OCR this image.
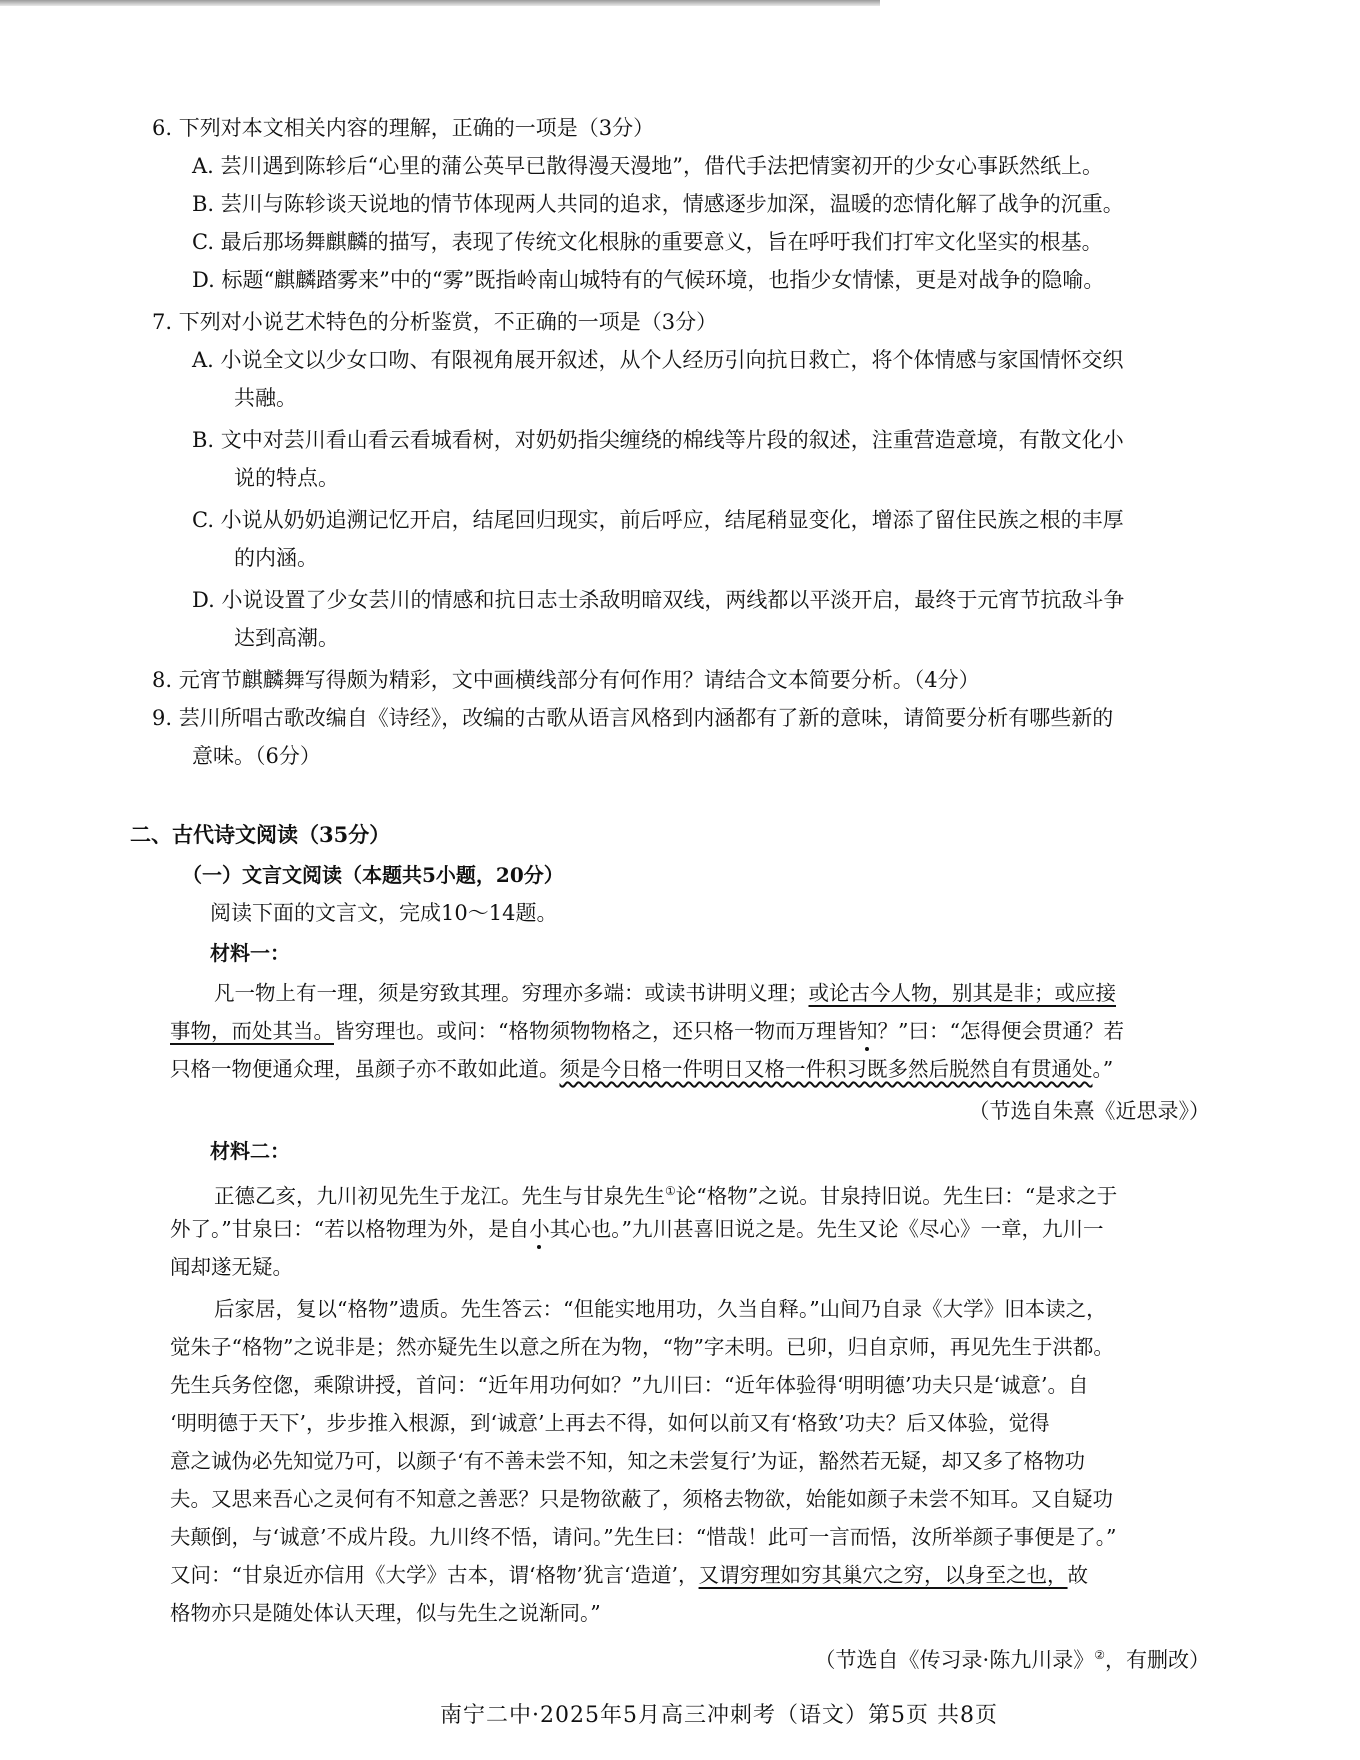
6. 下列对本文相关内容的理解，正确的一项是（3分）
A. 芸川遇到陈轸后“心里的蒲公英早已散得漫天漫地”，借代手法把情窦初开的少女心事跃然纸上。
B. 芸川与陈轸谈天说地的情节体现两人共同的追求，情感逐步加深，温暖的恋情化解了战争的沉重。
C. 最后那场舞麒麟的描写，表现了传统文化根脉的重要意义，旨在呼吁我们打牢文化坚实的根基。
D. 标题“麒麟踏雾来”中的“雾”既指岭南山城特有的气候环境，也指少女情愫，更是对战争的隐喻。
7. 下列对小说艺术特色的分析鉴赏，不正确的一项是（3分）
A. 小说全文以少女口吻、有限视角展开叙述，从个人经历引向抗日救亡，将个体情感与家国情怀交织
共融。
B. 文中对芸川看山看云看城看树，对奶奶指尖缠绕的棉线等片段的叙述，注重营造意境，有散文化小
说的特点。
C. 小说从奶奶追溯记忆开启，结尾回归现实，前后呼应，结尾稍显变化，增添了留住民族之根的丰厚
的内涵。
D. 小说设置了少女芸川的情感和抗日志士杀敌明暗双线，两线都以平淡开启，最终于元宵节抗敌斗争
达到高潮。
8. 元宵节麒麟舞写得颇为精彩，文中画横线部分有何作用？请结合文本简要分析。（4分）
9. 芸川所唱古歌改编自《诗经》，改编的古歌从语言风格到内涵都有了新的意味，请简要分析有哪些新的
意味。（6分）
二、古代诗文阅读（35分）
（一）文言文阅读（本题共5小题，20分）
阅读下面的文言文，完成10～14题。
材料一：
凡一物上有一理，须是穷致其理。穷理亦多端：或读书讲明义理；或论古今人物，别其是非；或应接
事物，而处其当。皆穷理也。或问：“格物须物物格之，还只格一物而万理皆知？”曰：“怎得便会贯通？若
只格一物便通众理，虽颜子亦不敢如此道。须是今日格一件明日又格一件积习既多然后脱然自有贯通处。”
（节选自朱熹《近思录》）
材料二：
正德乙亥，九川初见先生于龙江。先生与甘泉先生①论“格物”之说。甘泉持旧说。先生曰：“是求之于
外了。”甘泉曰：“若以格物理为外，是自小其心也。”九川甚喜旧说之是。先生又论《尽心》一章，九川一
闻却遂无疑。
后家居，复以“格物”遗质。先生答云：“但能实地用功，久当自释。”山间乃自录《大学》旧本读之，
觉朱子“格物”之说非是；然亦疑先生以意之所在为物，“物”字未明。已卯，归自京师，再见先生于洪都。
先生兵务倥偬，乘隙讲授，首问：“近年用功何如？”九川曰：“近年体验得‘明明德’功夫只是‘诚意’。自
‘明明德于天下’，步步推入根源，到‘诚意’上再去不得，如何以前又有‘格致’功夫？后又体验，觉得
意之诚伪必先知觉乃可，以颜子‘有不善未尝不知，知之未尝复行’为证，豁然若无疑，却又多了格物功
夫。又思来吾心之灵何有不知意之善恶？只是物欲蔽了，须格去物欲，始能如颜子未尝不知耳。又自疑功
夫颠倒，与‘诚意’不成片段。九川终不悟，请问。”先生曰：“惜哉！此可一言而悟，汝所举颜子事便是了。”
又问：“甘泉近亦信用《大学》古本，谓‘格物’犹言‘造道’，又谓穷理如穷其巢穴之穷，以身至之也，故
格物亦只是随处体认天理，似与先生之说渐同。”
（节选自《传习录·陈九川录》②，有删改）
南宁二中·2025年5月高三冲刺考（语文）第5页 共8页
